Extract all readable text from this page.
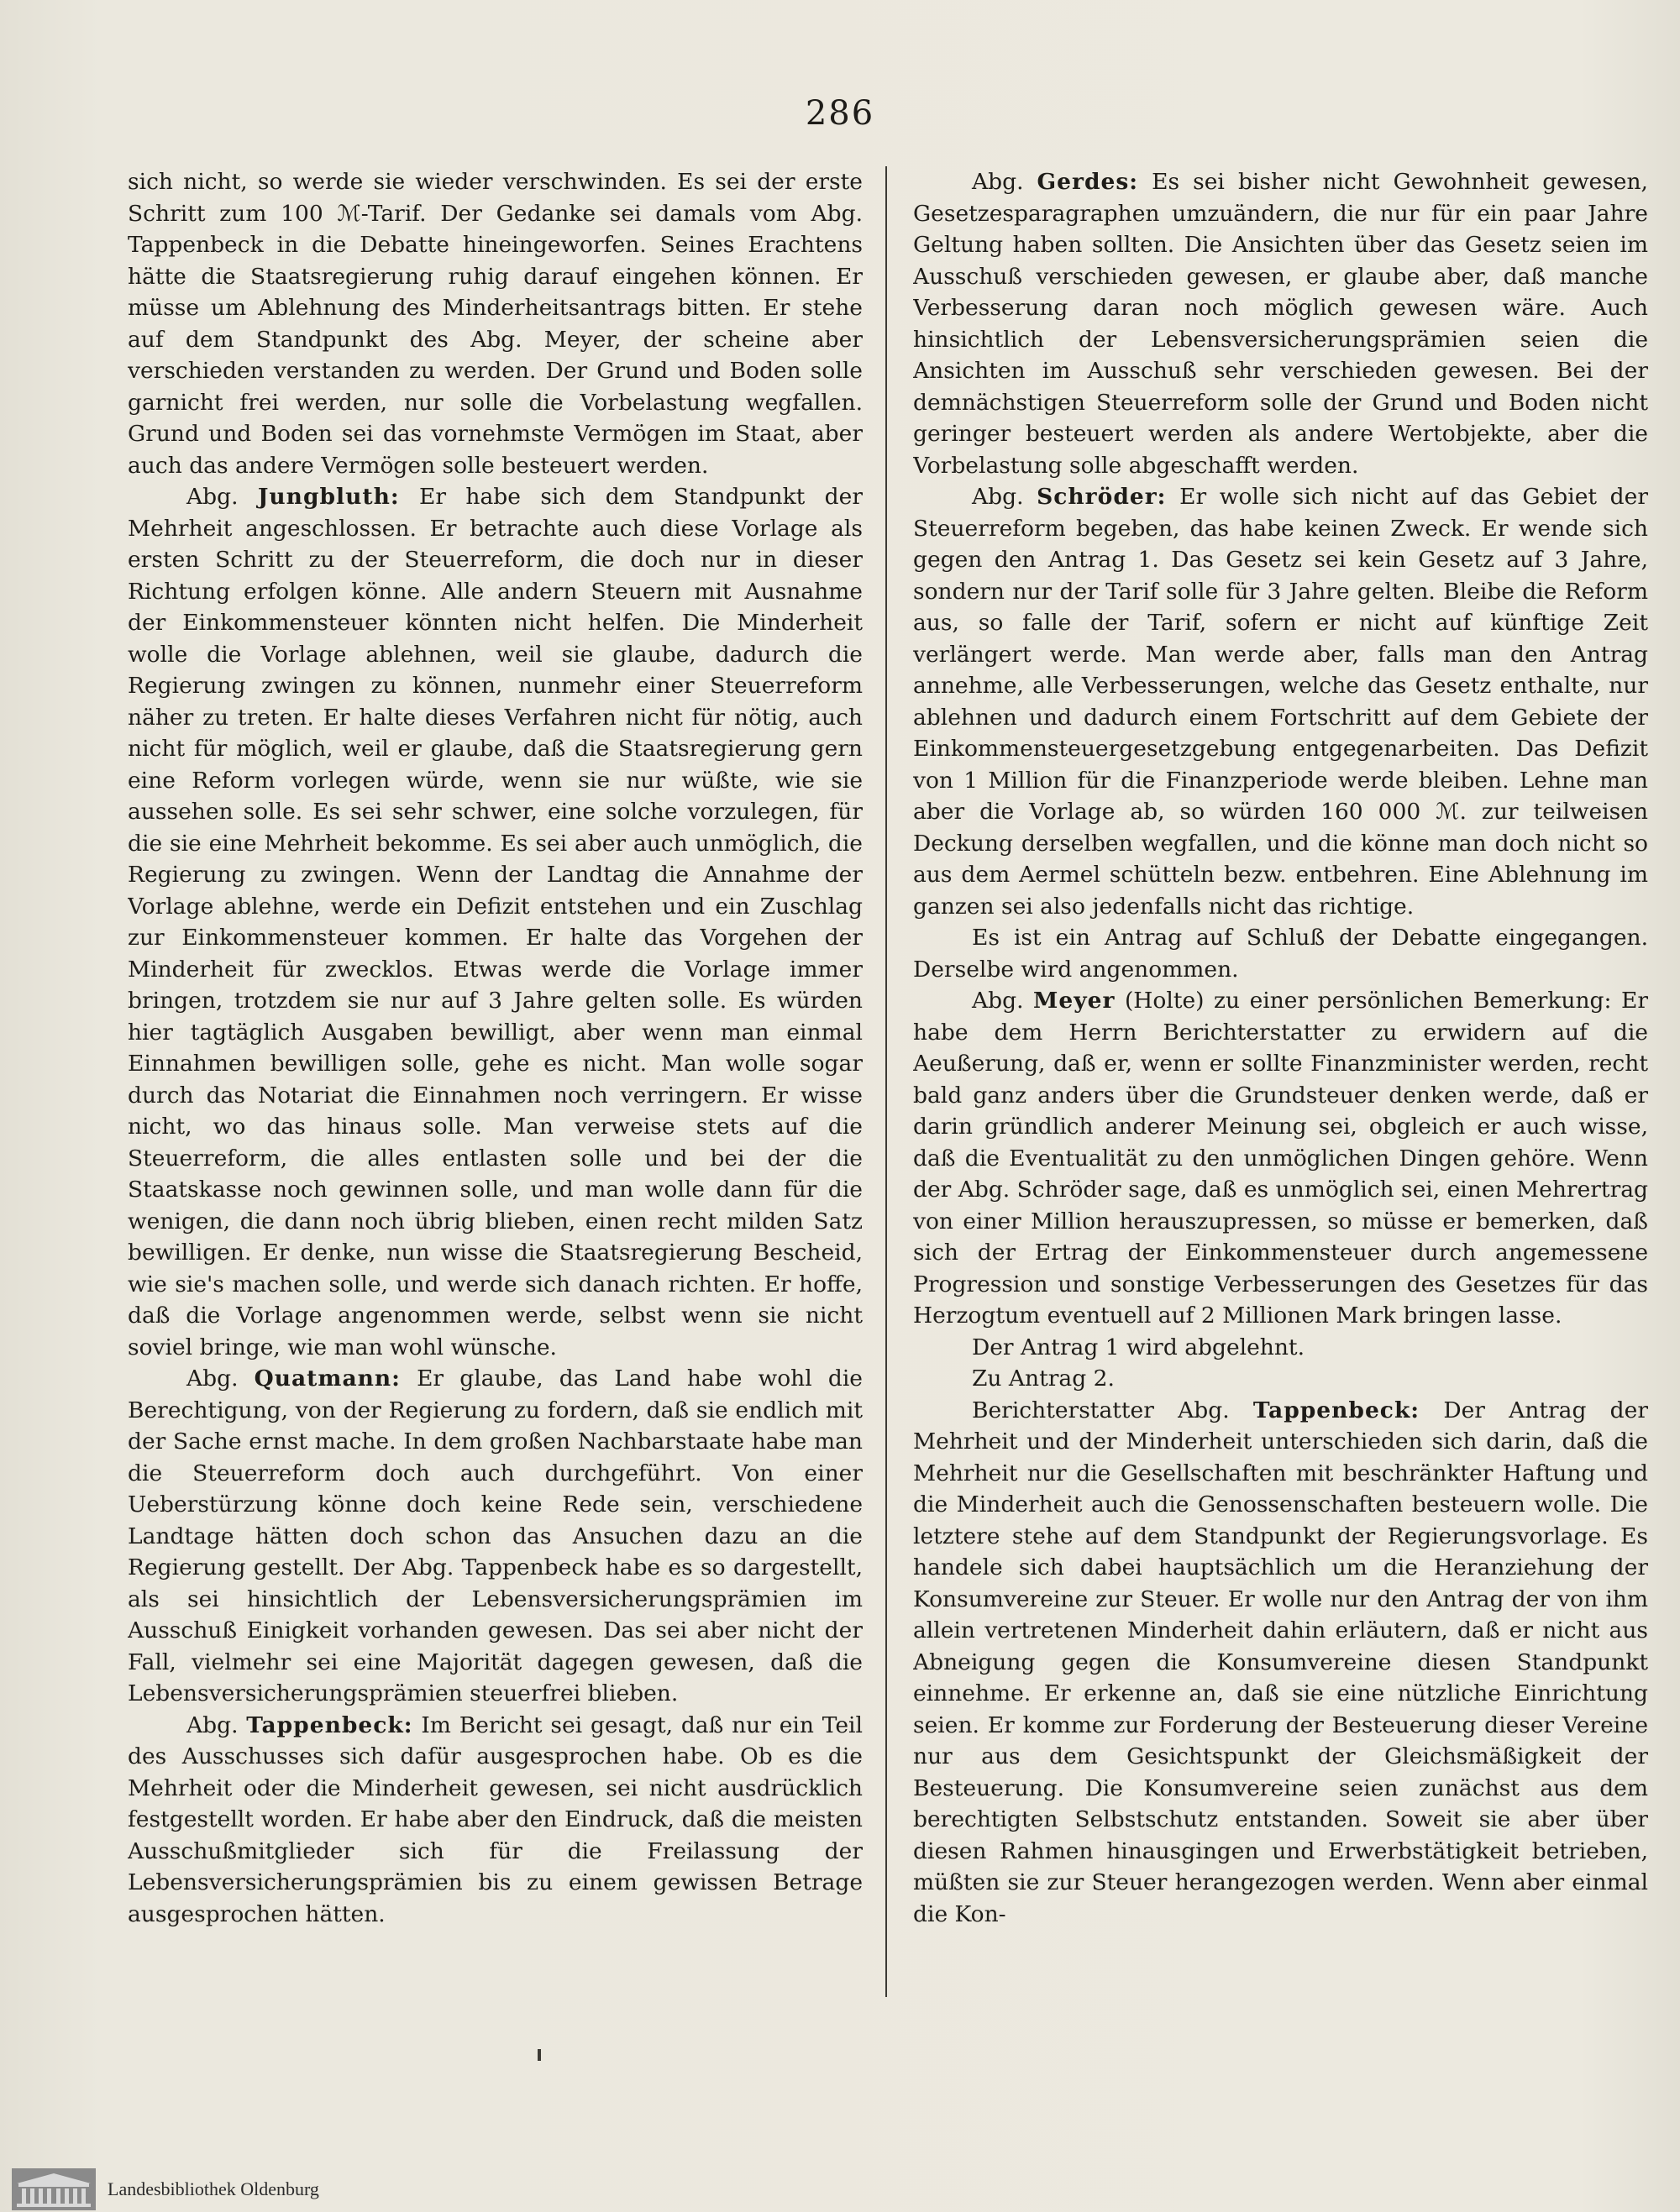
286

sich nicht, so werde sie wieder verschwinden. Es sei der erste Schritt zum 100 ℳ-Tarif. Der Gedanke sei damals vom Abg. Tappenbeck in die Debatte hineingeworfen. Seines Erachtens hätte die Staatsregierung ruhig darauf eingehen können. Er müsse um Ablehnung des Minderheitsantrags bitten. Er stehe auf dem Standpunkt des Abg. Meyer, der scheine aber verschieden verstanden zu werden. Der Grund und Boden solle garnicht frei werden, nur solle die Vorbelastung wegfallen. Grund und Boden sei das vornehmste Vermögen im Staat, aber auch das andere Vermögen solle besteuert werden.

Abg. Jungbluth: Er habe sich dem Standpunkt der Mehrheit angeschlossen. Er betrachte auch diese Vorlage als ersten Schritt zu der Steuerreform, die doch nur in dieser Richtung erfolgen könne. Alle andern Steuern mit Ausnahme der Einkommensteuer könnten nicht helfen. Die Minderheit wolle die Vorlage ablehnen, weil sie glaube, dadurch die Regierung zwingen zu können, nunmehr einer Steuerreform näher zu treten. Er halte dieses Verfahren nicht für nötig, auch nicht für möglich, weil er glaube, daß die Staatsregierung gern eine Reform vorlegen würde, wenn sie nur wüßte, wie sie aussehen solle. Es sei sehr schwer, eine solche vorzulegen, für die sie eine Mehrheit bekomme. Es sei aber auch unmöglich, die Regierung zu zwingen. Wenn der Landtag die Annahme der Vorlage ablehne, werde ein Defizit entstehen und ein Zuschlag zur Einkommensteuer kommen. Er halte das Vorgehen der Minderheit für zwecklos. Etwas werde die Vorlage immer bringen, trotzdem sie nur auf 3 Jahre gelten solle. Es würden hier tagtäglich Ausgaben bewilligt, aber wenn man einmal Einnahmen bewilligen solle, gehe es nicht. Man wolle sogar durch das Notariat die Einnahmen noch verringern. Er wisse nicht, wo das hinaus solle. Man verweise stets auf die Steuerreform, die alles entlasten solle und bei der die Staatskasse noch gewinnen solle, und man wolle dann für die wenigen, die dann noch übrig blieben, einen recht milden Satz bewilligen. Er denke, nun wisse die Staatsregierung Bescheid, wie sie's machen solle, und werde sich danach richten. Er hoffe, daß die Vorlage angenommen werde, selbst wenn sie nicht soviel bringe, wie man wohl wünsche.

Abg. Quatmann: Er glaube, das Land habe wohl die Berechtigung, von der Regierung zu fordern, daß sie endlich mit der Sache ernst mache. In dem großen Nachbarstaate habe man die Steuerreform doch auch durchgeführt. Von einer Ueberstürzung könne doch keine Rede sein, verschiedene Landtage hätten doch schon das Ansuchen dazu an die Regierung gestellt. Der Abg. Tappenbeck habe es so dargestellt, als sei hinsichtlich der Lebensversicherungsprämien im Ausschuß Einigkeit vorhanden gewesen. Das sei aber nicht der Fall, vielmehr sei eine Majorität dagegen gewesen, daß die Lebensversicherungsprämien steuerfrei blieben.

Abg. Tappenbeck: Im Bericht sei gesagt, daß nur ein Teil des Ausschusses sich dafür ausgesprochen habe. Ob es die Mehrheit oder die Minderheit gewesen, sei nicht ausdrücklich festgestellt worden. Er habe aber den Eindruck, daß die meisten Ausschußmitglieder sich für die Freilassung der Lebensversicherungsprämien bis zu einem gewissen Betrage ausgesprochen hätten.

Abg. Gerdes: Es sei bisher nicht Gewohnheit gewesen, Gesetzesparagraphen umzuändern, die nur für ein paar Jahre Geltung haben sollten. Die Ansichten über das Gesetz seien im Ausschuß verschieden gewesen, er glaube aber, daß manche Verbesserung daran noch möglich gewesen wäre. Auch hinsichtlich der Lebensversicherungsprämien seien die Ansichten im Ausschuß sehr verschieden gewesen. Bei der demnächstigen Steuerreform solle der Grund und Boden nicht geringer besteuert werden als andere Wertobjekte, aber die Vorbelastung solle abgeschafft werden.

Abg. Schröder: Er wolle sich nicht auf das Gebiet der Steuerreform begeben, das habe keinen Zweck. Er wende sich gegen den Antrag 1. Das Gesetz sei kein Gesetz auf 3 Jahre, sondern nur der Tarif solle für 3 Jahre gelten. Bleibe die Reform aus, so falle der Tarif, sofern er nicht auf künftige Zeit verlängert werde. Man werde aber, falls man den Antrag annehme, alle Verbesserungen, welche das Gesetz enthalte, nur ablehnen und dadurch einem Fortschritt auf dem Gebiete der Einkommensteuergesetzgebung entgegenarbeiten. Das Defizit von 1 Million für die Finanzperiode werde bleiben. Lehne man aber die Vorlage ab, so würden 160 000 ℳ. zur teilweisen Deckung derselben wegfallen, und die könne man doch nicht so aus dem Aermel schütteln bezw. entbehren. Eine Ablehnung im ganzen sei also jedenfalls nicht das richtige.

Es ist ein Antrag auf Schluß der Debatte eingegangen. Derselbe wird angenommen.

Abg. Meyer (Holte) zu einer persönlichen Bemerkung: Er habe dem Herrn Berichterstatter zu erwidern auf die Aeußerung, daß er, wenn er sollte Finanzminister werden, recht bald ganz anders über die Grundsteuer denken werde, daß er darin gründlich anderer Meinung sei, obgleich er auch wisse, daß die Eventualität zu den unmöglichen Dingen gehöre. Wenn der Abg. Schröder sage, daß es unmöglich sei, einen Mehrertrag von einer Million herauszupressen, so müsse er bemerken, daß sich der Ertrag der Einkommensteuer durch angemessene Progression und sonstige Verbesserungen des Gesetzes für das Herzogtum eventuell auf 2 Millionen Mark bringen lasse.

Der Antrag 1 wird abgelehnt.

Zu Antrag 2.

Berichterstatter Abg. Tappenbeck: Der Antrag der Mehrheit und der Minderheit unterschieden sich darin, daß die Mehrheit nur die Gesellschaften mit beschränkter Haftung und die Minderheit auch die Genossenschaften besteuern wolle. Die letztere stehe auf dem Standpunkt der Regierungsvorlage. Es handele sich dabei hauptsächlich um die Heranziehung der Konsumvereine zur Steuer. Er wolle nur den Antrag der von ihm allein vertretenen Minderheit dahin erläutern, daß er nicht aus Abneigung gegen die Konsumvereine diesen Standpunkt einnehme. Er erkenne an, daß sie eine nützliche Einrichtung seien. Er komme zur Forderung der Besteuerung dieser Vereine nur aus dem Gesichtspunkt der Gleichsmäßigkeit der Besteuerung. Die Konsumvereine seien zunächst aus dem berechtigten Selbstschutz entstanden. Soweit sie aber über diesen Rahmen hinausgingen und Erwerbstätigkeit betrieben, müßten sie zur Steuer herangezogen werden. Wenn aber einmal die Kon-

Landesbibliothek Oldenburg
